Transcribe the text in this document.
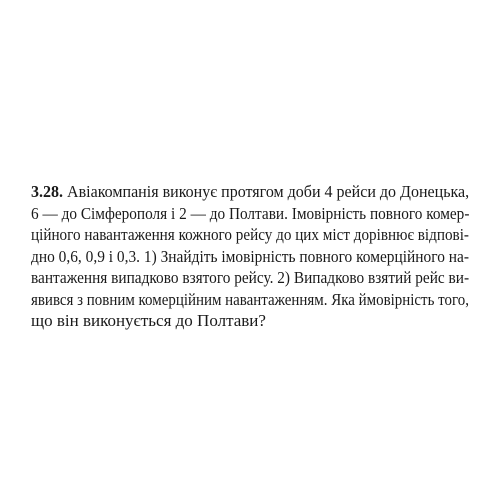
3.28. Авіакомпанія виконує протягом доби 4 рейси до Донецька,
6 — до Сімферополя і 2 — до Полтави. Імовірність повного комер-
ційного навантаження кожного рейсу до цих міст дорівнює відпові-
дно 0,6, 0,9 і 0,3. 1) Знайдіть імовірність повного комерційного на-
вантаження випадково взятого рейсу. 2) Випадково взятий рейс ви-
явився з повним комерційним навантаженням. Яка ймовірність того,
що він виконується до Полтави?
